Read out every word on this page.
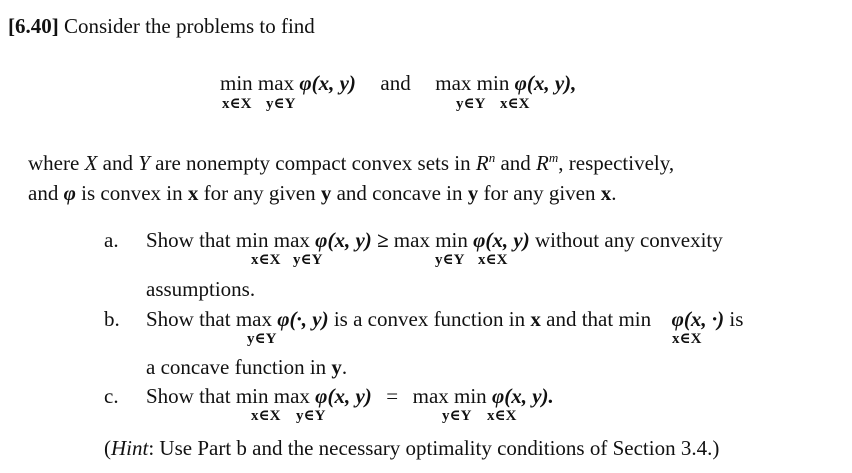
[6.40] Consider the problems to find
min max φ(x, y) and max min φ(x, y),
x∈X y∈Y	y∈Y x∈X
where X and Y are nonempty compact convex sets in $R^n$ and $R^m$, respectively,
and φ is convex in x for any given y and concave in y for any given x.
a. Show that min max φ(x, y) ≥ max min φ(x, y) without any convexity
x∈X y∈Y	y∈Y x∈X
assumptions.
b. Show that max φ(·, y) is a convex function in x and that min φ(x, ·) is
y∈Y	x∈X
a concave function in y.
c. Show that min max φ(x, y) = max min φ(x, y).
x∈X y∈Y	y∈Y x∈X
(Hint: Use Part b and the necessary optimality conditions of Section 3.4.)
